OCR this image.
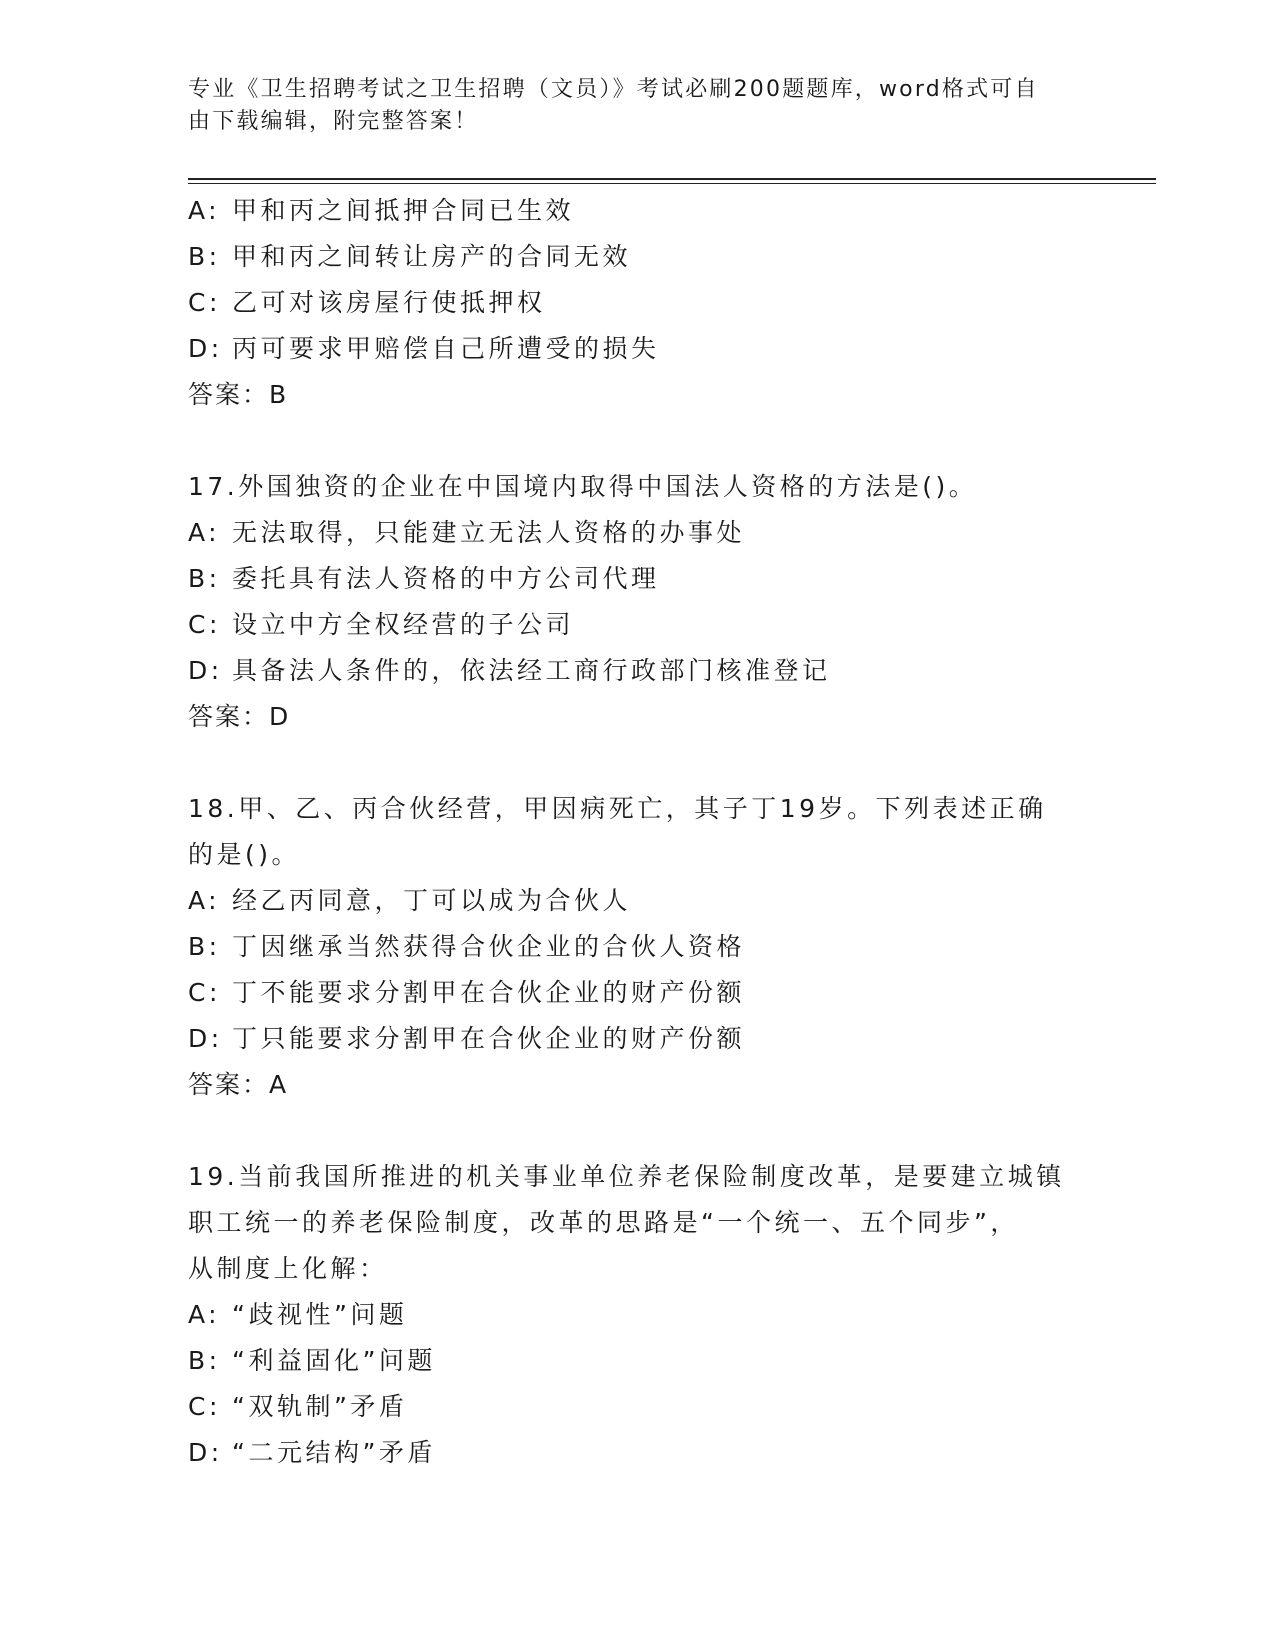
专业《卫生招聘考试之卫生招聘（文员）》考试必刷200题题库，word格式可自
由下载编辑，附完整答案！
A: 甲和丙之间抵押合同已生效
B: 甲和丙之间转让房产的合同无效
C: 乙可对该房屋行使抵押权
D: 丙可要求甲赔偿自己所遭受的损失
答案：B
17.外国独资的企业在中国境内取得中国法人资格的方法是()。
A: 无法取得，只能建立无法人资格的办事处
B: 委托具有法人资格的中方公司代理
C: 设立中方全权经营的子公司
D: 具备法人条件的，依法经工商行政部门核准登记
答案：D
18.甲、乙、丙合伙经营，甲因病死亡，其子丁19岁。下列表述正确
的是()。
A: 经乙丙同意，丁可以成为合伙人
B: 丁因继承当然获得合伙企业的合伙人资格
C: 丁不能要求分割甲在合伙企业的财产份额
D: 丁只能要求分割甲在合伙企业的财产份额
答案：A
19.当前我国所推进的机关事业单位养老保险制度改革，是要建立城镇
职工统一的养老保险制度，改革的思路是“一个统一、五个同步”，
从制度上化解：
A: “歧视性”问题
B: “利益固化”问题
C: “双轨制”矛盾
D: “二元结构”矛盾
